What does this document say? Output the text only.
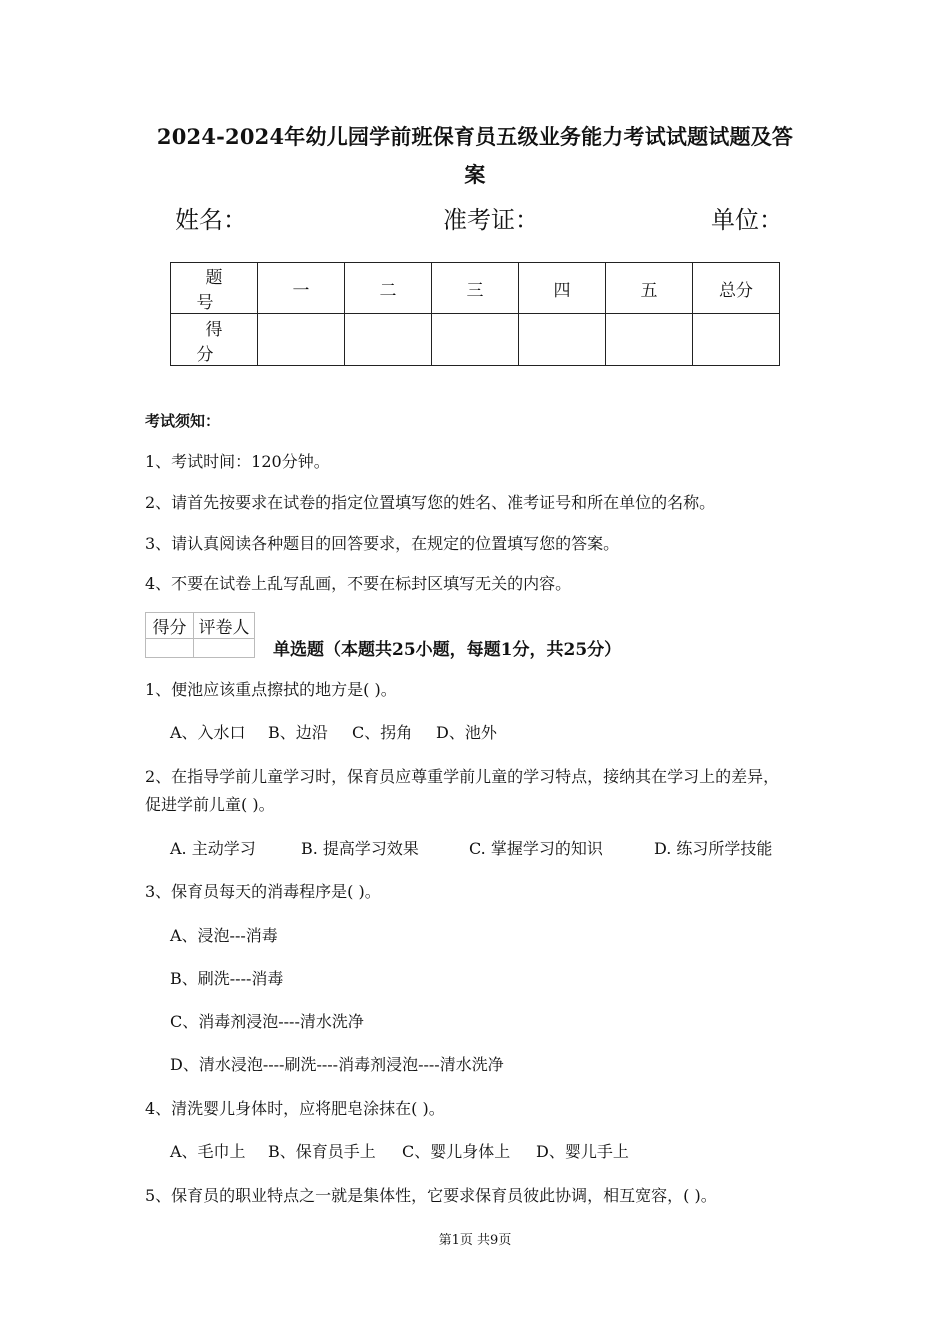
2024-2024年幼儿园学前班保育员五级业务能力考试试题试题及答
案
姓名：	准考证：	单位：
题 号	一	二	三	四	五	总分
得 分						
考试须知：
1、考试时间：120分钟。
2、请首先按要求在试卷的指定位置填写您的姓名、准考证号和所在单位的名称。
3、请认真阅读各种题目的回答要求，在规定的位置填写您的答案。
4、不要在试卷上乱写乱画，不要在标封区填写无关的内容。
得分	评卷人

单选题（本题共25小题，每题1分，共25分）
1、便池应该重点擦拭的地方是( )。
A、入水口 B、边沿 C、拐角 D、池外
2、在指导学前儿童学习时，保育员应尊重学前儿童的学习特点，接纳其在学习上的差异，
促进学前儿童( )。
A. 主动学习	B. 提高学习效果	C. 掌握学习的知识	D. 练习所学技能
3、保育员每天的消毒程序是( )。
A、浸泡---消毒
B、刷洗----消毒
C、消毒剂浸泡----清水洗净
D、清水浸泡----刷洗----消毒剂浸泡----清水洗净
4、清洗婴儿身体时，应将肥皂涂抹在( )。
A、毛巾上 B、保育员手上 C、婴儿身体上 D、婴儿手上
5、保育员的职业特点之一就是集体性，它要求保育员彼此协调，相互宽容，( )。
第1页 共9页
